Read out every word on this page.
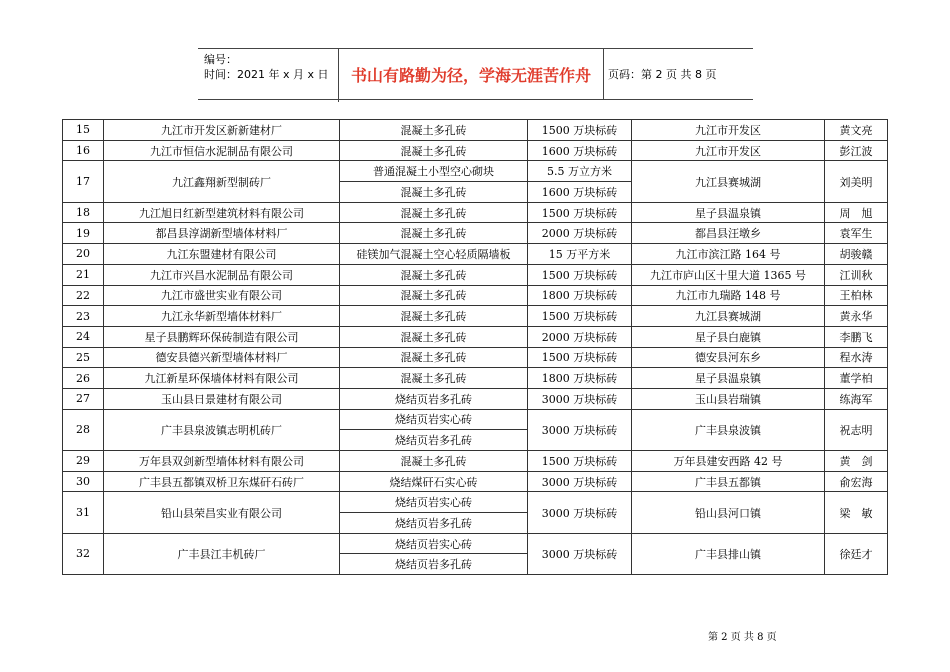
编号：
时间：2021 年 x 月 x 日	书山有路勤为径，学海无涯苦作舟	页码：第 2 页 共 8 页
15	九江市开发区新新建材厂	混凝土多孔砖	1500 万块标砖	九江市开发区	黄文亮
16	九江市恒信水泥制品有限公司	混凝土多孔砖	1600 万块标砖	九江市开发区	彭江波
17	九江鑫翔新型制砖厂	普通混凝土小型空心砌块	5.5 万立方米	九江县赛城湖	刘美明
		混凝土多孔砖	1600 万块标砖		
18	九江旭日红新型建筑材料有限公司	混凝土多孔砖	1500 万块标砖	星子县温泉镇	周　旭
19	都昌县淳湖新型墙体材料厂	混凝土多孔砖	2000 万块标砖	都昌县汪墩乡	袁军生
20	九江东盟建材有限公司	硅镁加气混凝土空心轻质隔墙板	15 万平方米	九江市滨江路 164 号	胡骏赣
21	九江市兴昌水泥制品有限公司	混凝土多孔砖	1500 万块标砖	九江市庐山区十里大道 1365 号	江训秋
22	九江市盛世实业有限公司	混凝土多孔砖	1800 万块标砖	九江市九瑞路 148 号	王柏林
23	九江永华新型墙体材料厂	混凝土多孔砖	1500 万块标砖	九江县赛城湖	黄永华
24	星子县鹏辉环保砖制造有限公司	混凝土多孔砖	2000 万块标砖	星子县白鹿镇	李鹏飞
25	德安县德兴新型墙体材料厂	混凝土多孔砖	1500 万块标砖	德安县河东乡	程水涛
26	九江新星环保墙体材料有限公司	混凝土多孔砖	1800 万块标砖	星子县温泉镇	董学柏
27	玉山县日景建材有限公司	烧结页岩多孔砖	3000 万块标砖	玉山县岩瑞镇	练海军
28	广丰县泉波镇志明机砖厂	烧结页岩实心砖	3000 万块标砖	广丰县泉波镇	祝志明
		烧结页岩多孔砖			
29	万年县双剑新型墙体材料有限公司	混凝土多孔砖	1500 万块标砖	万年县建安西路 42 号	黄　剑
30	广丰县五都镇双桥卫东煤矸石砖厂	烧结煤矸石实心砖	3000 万块标砖	广丰县五都镇	俞宏海
31	铅山县荣昌实业有限公司	烧结页岩实心砖	3000 万块标砖	铅山县河口镇	梁　敏
		烧结页岩多孔砖			
32	广丰县江丰机砖厂	烧结页岩实心砖	3000 万块标砖	广丰县排山镇	徐廷才
		烧结页岩多孔砖			
第 2 页 共 8 页
